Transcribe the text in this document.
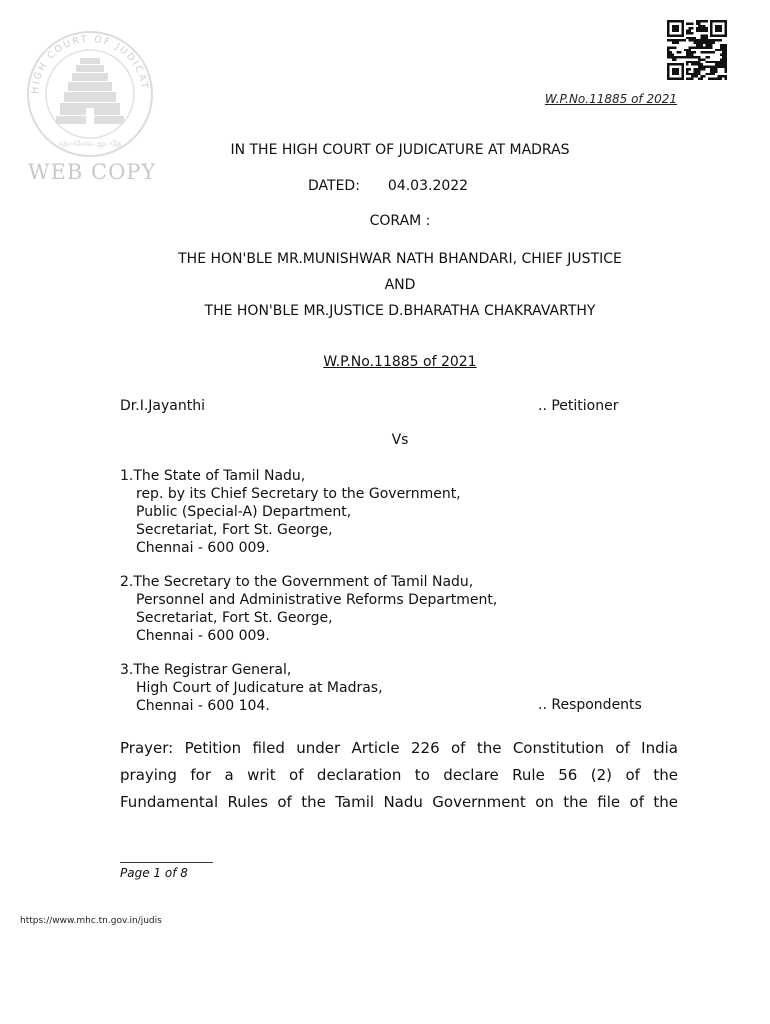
HIGH COURT OF JUDICAT
சத்யமேவ ஜயதே
WEB COPY
W.P.No.11885 of 2021
IN THE HIGH COURT OF JUDICATURE AT MADRAS
DATED: 04.03.2022
CORAM :
THE HON'BLE MR.MUNISHWAR NATH BHANDARI, CHIEF JUSTICE
AND
THE HON'BLE MR.JUSTICE D.BHARATHA CHAKRAVARTHY
W.P.No.11885 of 2021
Dr.I.Jayanthi	.. Petitioner
Vs
1.The State of Tamil Nadu,
rep. by its Chief Secretary to the Government,
Public (Special-A) Department,
Secretariat, Fort St. George,
Chennai - 600 009.
2.The Secretary to the Government of Tamil Nadu,
Personnel and Administrative Reforms Department,
Secretariat, Fort St. George,
Chennai - 600 009.
3.The Registrar General,
High Court of Judicature at Madras,
Chennai - 600 104.	.. Respondents
Prayer: Petition filed under Article 226 of the Constitution of India
praying for a writ of declaration to declare Rule 56 (2) of the
Fundamental Rules of the Tamil Nadu Government on the file of the
Page 1 of 8
https://www.mhc.tn.gov.in/judis
